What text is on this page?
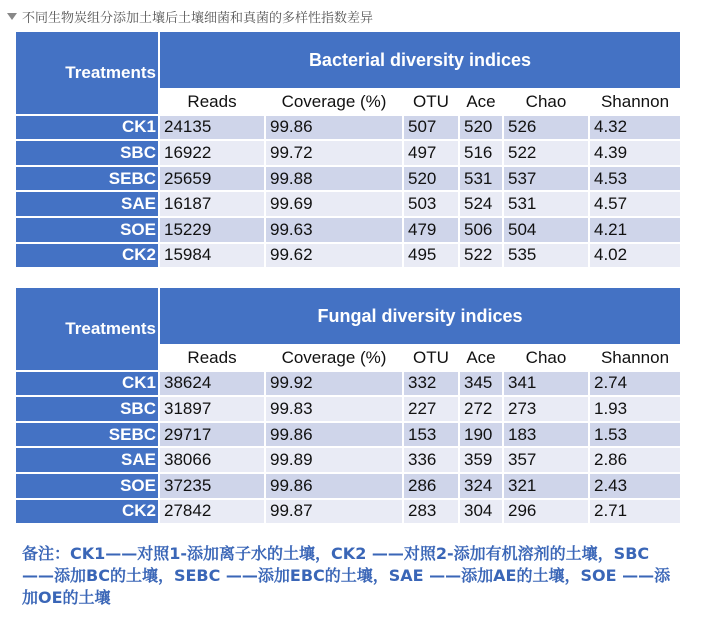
不同生物炭组分添加土壤后土壤细菌和真菌的多样性指数差异
Treatments	Bacterial diversity indices					
	Reads	Coverage (%)	OTU	Ace	Chao	Shannon
CK1	24135	99.86	507	520	526	4.32
SBC	16922	99.72	497	516	522	4.39
SEBC	25659	99.88	520	531	537	4.53
SAE	16187	99.69	503	524	531	4.57
SOE	15229	99.63	479	506	504	4.21
CK2	15984	99.62	495	522	535	4.02
Treatments	Fungal diversity indices					
	Reads	Coverage (%)	OTU	Ace	Chao	Shannon
CK1	38624	99.92	332	345	341	2.74
SBC	31897	99.83	227	272	273	1.93
SEBC	29717	99.86	153	190	183	1.53
SAE	38066	99.89	336	359	357	2.86
SOE	37235	99.86	286	324	321	2.43
CK2	27842	99.87	283	304	296	2.71
备注：CK1——对照1-添加离子水的土壤，CK2 ——对照2-添加有机溶剂的土壤，SBC ——添加BC的土壤，SEBC ——添加EBC的土壤，SAE ——添加AE的土壤，SOE ——添加OE的土壤
